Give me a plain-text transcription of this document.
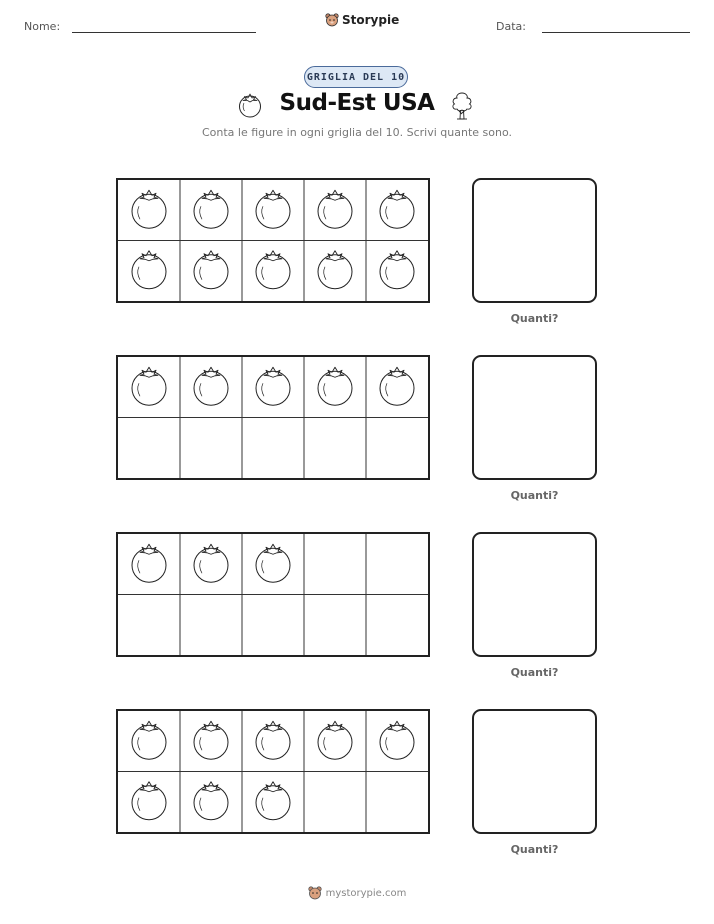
Nome:	Storypie	Data:
GRIGLIA DEL 10
Sud-Est USA
Conta le figure in ogni griglia del 10. Scrivi quante sono.
Quanti?
Quanti?
Quanti?
Quanti?
mystorypie.com
